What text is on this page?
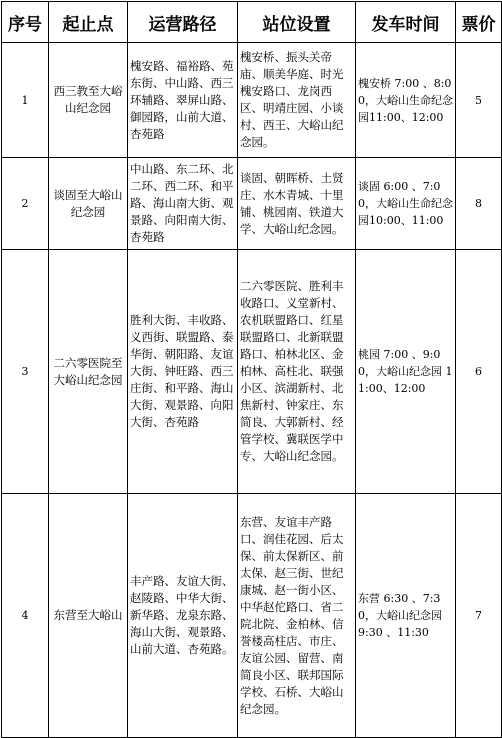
序号	起止点	运营路径	站位设置	发车时间	票价
1	西三教至大峪山纪念园	槐安路、福裕路、苑东街、中山路、西三环辅路、翠屏山路、御园路，山前大道、杏苑路	槐安桥、振头关帝庙、顺美华庭、时光槐安路口、龙岗西区、明靖庄园、小谈村、西王、大峪山纪念园。	槐安桥 7:00 、8:00，大峪山生命纪念园11:00、12:00	5
2	谈固至大峪山纪念园	中山路、东二环、北二环、西二环、和平路、海山南大街、观景路、向阳南大街、杏苑路	谈固、朝晖桥、土贤庄、水木青城、十里铺、桃园南、铁道大学、大峪山纪念园。	谈固 6:00 、7:00，大峪山生命纪念园10:00、11:00	8
3	二六零医院至大峪山纪念园	胜利大街、丰收路、义西街、联盟路、泰华街、朝阳路、友谊大街、钟旺路、西三庄街、和平路、海山大街、观景路、向阳大街、杏苑路	二六零医院、胜利丰收路口、义堂新村、农机联盟路口、红星联盟路口、北新联盟路口、柏林北区、金柏林、高柱北、联强小区、滨湖新村、北焦新村、钟家庄、东简良、大郭新村、经管学校、冀联医学中专、大峪山纪念园。	桃园 7:00 、9:00，大峪山纪念园 11:00、12:00	6
4	东营至大峪山	丰产路、友谊大街、赵陵路、中华大街、新华路、龙泉东路、海山大街、观景路、山前大道、杏苑路。	东营、友谊丰产路口、润佳花园、后太保、前太保新区、前太保、赵三街、世纪康城、赵一街小区、中华赵佗路口、省二院北院、金柏林、信誉楼高柱店、市庄、友谊公园、留营、南简良小区、联邦国际学校、石桥、大峪山纪念园。	东营 6:30 、7:30，大峪山纪念园 9:30 、11:30	7
